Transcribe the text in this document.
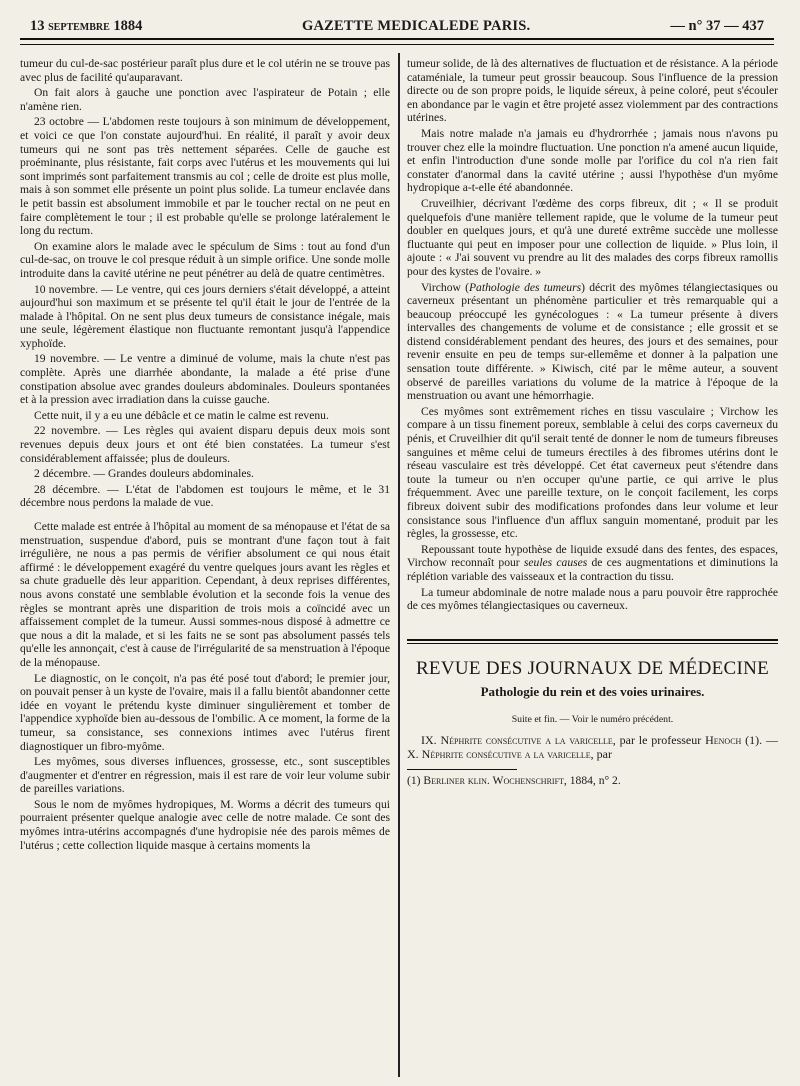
13 septembre 1884	GAZETTE MEDICALEDE PARIS.	— n° 37 — 437

tumeur du cul-de-sac postérieur paraît plus dure et le col utérin ne se trouve pas avec plus de facilité qu'auparavant.

On fait alors à gauche une ponction avec l'aspirateur de Potain ; elle n'amène rien.

23 octobre — L'abdomen reste toujours à son minimum de développement, et voici ce que l'on constate aujourd'hui. En réalité, il paraît y avoir deux tumeurs qui ne sont pas très nettement séparées. Celle de gauche est proéminante, plus résistante, fait corps avec l'utérus et les mouvements qui lui sont imprimés sont parfaitement transmis au col ; celle de droite est plus molle, mais à son sommet elle présente un point plus solide. La tumeur enclavée dans le petit bassin est absolument immobile et par le toucher rectal on ne peut en faire complètement le tour ; il est probable qu'elle se prolonge latéralement le long du rectum.

On examine alors le malade avec le spéculum de Sims : tout au fond d'un cul-de-sac, on trouve le col presque réduit à un simple orifice. Une sonde molle introduite dans la cavité utérine ne peut pénétrer au delà de quatre centimètres.

10 novembre. — Le ventre, qui ces jours derniers s'était développé, a atteint aujourd'hui son maximum et se présente tel qu'il était le jour de l'entrée de la malade à l'hôpital. On ne sent plus deux tumeurs de consistance inégale, mais une seule, légèrement élastique non fluctuante remontant jusqu'à l'appendice xyphoïde.

19 novembre. — Le ventre a diminué de volume, mais la chute n'est pas complète. Après une diarrhée abondante, la malade a été prise d'une constipation absolue avec grandes douleurs abdominales. Douleurs spontanées et à la pression avec irradiation dans la cuisse gauche.

Cette nuit, il y a eu une débâcle et ce matin le calme est revenu.

22 novembre. — Les règles qui avaient disparu depuis deux mois sont revenues depuis deux jours et ont été bien constatées. La tumeur s'est considérablement affaissée; plus de douleurs.

2 décembre. — Grandes douleurs abdominales.

28 décembre. — L'état de l'abdomen est toujours le même, et le 31 décembre nous perdons la malade de vue.

Cette malade est entrée à l'hôpital au moment de sa ménopause et l'état de sa menstruation, suspendue d'abord, puis se montrant d'une façon tout à fait irrégulière, ne nous a pas permis de vérifier absolument ce qui nous était affirmé : le développement exagéré du ventre quelques jours avant les règles et sa chute graduelle dès leur apparition. Cependant, à deux reprises différentes, nous avons constaté une semblable évolution et la seconde fois la venue des règles se montrant après une disparition de trois mois a coïncidé avec un affaissement complet de la tumeur. Aussi sommes-nous disposé à admettre ce que nous a dit la malade, et si les faits ne se sont pas absolument passés tels qu'elle les annonçait, c'est à cause de l'irrégularité de sa menstruation à l'époque de la ménopause.

Le diagnostic, on le conçoit, n'a pas été posé tout d'abord; le premier jour, on pouvait penser à un kyste de l'ovaire, mais il a fallu bientôt abandonner cette idée en voyant le prétendu kyste diminuer singulièrement et tomber de l'appendice xyphoïde bien au-dessous de l'ombilic. A ce moment, la forme de la tumeur, sa consistance, ses connexions intimes avec l'utérus firent diagnostiquer un fibro-myôme.

Les myômes, sous diverses influences, grossesse, etc., sont susceptibles d'augmenter et d'entrer en régression, mais il est rare de voir leur volume subir de pareilles variations.

Sous le nom de myômes hydropiques, M. Worms a décrit des tumeurs qui pourraient présenter quelque analogie avec celle de notre malade. Ce sont des myômes intra-utérins accompagnés d'une hydropisie née des parois mêmes de l'utérus ; cette collection liquide masque à certains moments la

tumeur solide, de là des alternatives de fluctuation et de résistance. A la période cataméniale, la tumeur peut grossir beaucoup. Sous l'influence de la pression directe ou de son propre poids, le liquide séreux, à peine coloré, peut s'écouler en abondance par le vagin et être projeté assez violemment par des contractions utérines.

Mais notre malade n'a jamais eu d'hydrorrhée ; jamais nous n'avons pu trouver chez elle la moindre fluctuation. Une ponction n'a amené aucun liquide, et enfin l'introduction d'une sonde molle par l'orifice du col n'a rien fait constater d'anormal dans la cavité utérine ; aussi l'hypothèse d'un myôme hydropique a-t-elle été abandonnée.

Cruveilhier, décrivant l'œdème des corps fibreux, dit ; « Il se produit quelquefois d'une manière tellement rapide, que le volume de la tumeur peut doubler en quelques jours, et qu'à une dureté extrême succède une mollesse fluctuante qui peut en imposer pour une collection de liquide. » Plus loin, il ajoute : « J'ai souvent vu prendre au lit des malades des corps fibreux ramollis pour des kystes de l'ovaire. »

Virchow (Pathologie des tumeurs) décrit des myômes télangiectasiques ou caverneux présentant un phénomène particulier et très remarquable qui a beaucoup préoccupé les gynécologues : « La tumeur présente à divers intervalles des changements de volume et de consistance ; elle grossit et se distend considérablement pendant des heures, des jours et des semaines, pour revenir ensuite en peu de temps sur-ellemême et donner à la palpation une sensation toute différente. » Kiwisch, cité par le même auteur, a souvent observé de pareilles variations du volume de la matrice à l'époque de la menstruation ou avant une hémorrhagie.

Ces myômes sont extrêmement riches en tissu vasculaire ; Virchow les compare à un tissu finement poreux, semblable à celui des corps caverneux du pénis, et Cruveilhier dit qu'il serait tenté de donner le nom de tumeurs fibreuses sanguines et même celui de tumeurs érectiles à des fibromes utérins dont le réseau vasculaire est très développé. Cet état caverneux peut s'étendre dans toute la tumeur ou n'en occuper qu'une partie, ce qui arrive le plus fréquemment. Avec une pareille texture, on le conçoit facilement, les corps fibreux doivent subir des modifications profondes dans leur volume et leur consistance sous l'influence d'un afflux sanguin momentané, produit par les règles, la grossesse, etc.

Repoussant toute hypothèse de liquide exsudé dans des fentes, des espaces, Virchow reconnaît pour seules causes de ces augmentations et diminutions la réplétion variable des vaisseaux et la contraction du tissu.

La tumeur abdominale de notre malade nous a paru pouvoir être rapprochée de ces myômes télangiectasiques ou caverneux.

REVUE DES JOURNAUX DE MÉDECINE
Pathologie du rein et des voies urinaires.
Suite et fin. — Voir le numéro précédent.

IX. Néphrite consécutive a la varicelle, par le professeur Henoch (1). — X. Néphrite consécutive a la varicelle, par

(1) Berliner klin. Wochenschrift, 1884, n° 2.
